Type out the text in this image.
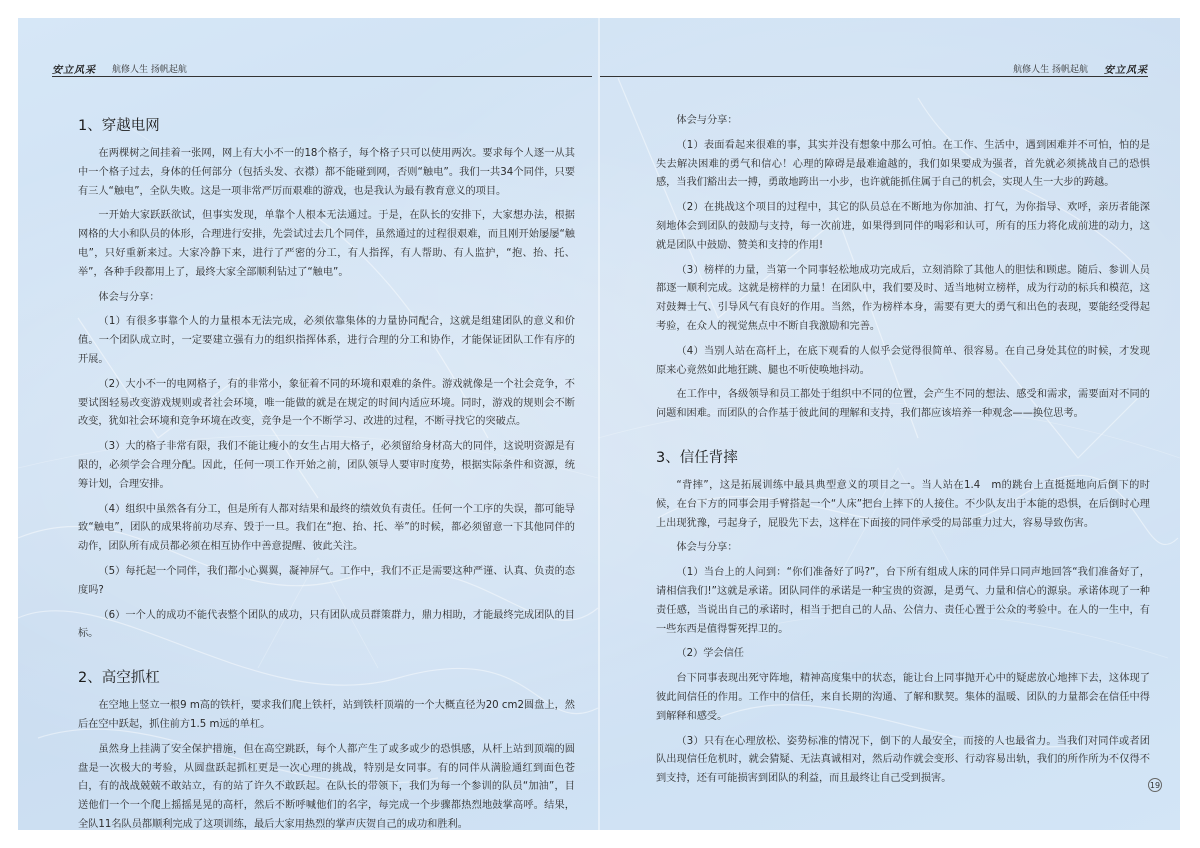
安立风采 航修人生 扬帆起航
1、穿越电网

在两棵树之间挂着一张网，网上有大小不一的18个格子，每个格子只可以使用两次。要求每个人逐一从其中一个格子过去，身体的任何部分（包括头发、衣襟）都不能碰到网，否则“触电”。我们一共34个同伴，只要有三人“触电”，全队失败。这是一项非常严厉而艰难的游戏，也是我认为最有教育意义的项目。

一开始大家跃跃欲试，但事实发现，单靠个人根本无法通过。于是，在队长的安排下，大家想办法，根据网格的大小和队员的体形，合理进行安排，先尝试过去几个同伴，虽然通过的过程很艰难，而且刚开始屡屡“触电”，只好重新来过。大家冷静下来，进行了严密的分工，有人指挥，有人帮助、有人监护，“抱、抬、托、举”，各种手段都用上了，最终大家全部顺利钻过了“触电”。

体会与分享：

（1）有很多事靠个人的力量根本无法完成，必须依靠集体的力量协同配合，这就是组建团队的意义和价值。一个团队成立时，一定要建立强有力的组织指挥体系，进行合理的分工和协作，才能保证团队工作有序的开展。

（2）大小不一的电网格子，有的非常小，象征着不同的环境和艰难的条件。游戏就像是一个社会竞争，不要试图轻易改变游戏规则或者社会环境，唯一能做的就是在规定的时间内适应环境。同时，游戏的规则会不断改变，犹如社会环境和竞争环境在改变，竞争是一个不断学习、改进的过程，不断寻找它的突破点。

（3）大的格子非常有限，我们不能让瘦小的女生占用大格子，必须留给身材高大的同伴，这说明资源是有限的，必须学会合理分配。因此，任何一项工作开始之前，团队领导人要审时度势，根据实际条件和资源，统筹计划，合理安排。

（4）组织中虽然各有分工，但是所有人都对结果和最终的绩效负有责任。任何一个工序的失误，都可能导致“触电”，团队的成果将前功尽弃、毁于一旦。我们在“抱、抬、托、举”的时候，都必须留意一下其他同伴的动作，团队所有成员都必须在相互协作中善意提醒、彼此关注。

（5）每托起一个同伴，我们都小心翼翼，凝神屏气。工作中，我们不正是需要这种严谨、认真、负责的态度吗?

（6）一个人的成功不能代表整个团队的成功，只有团队成员群策群力，鼎力相助，才能最终完成团队的目标。

2、高空抓杠

在空地上竖立一根9 m高的铁杆，要求我们爬上铁杆，站到铁杆顶端的一个大概直径为20 cm2圆盘上，然后在空中跃起，抓住前方1.5 m远的单杠。

虽然身上挂满了安全保护措施，但在高空跳跃，每个人都产生了或多或少的恐惧感，从杆上站到顶端的圆盘是一次极大的考验，从圆盘跃起抓杠更是一次心理的挑战，特别是女同事。有的同伴从满脸通红到面色苍白，有的战战兢兢不敢站立，有的站了许久不敢跃起。在队长的带领下，我们为每一个参训的队员“加油”，目送他们一个一个爬上摇摇晃晃的高杆，然后不断呼喊他们的名字，每完成一个步骤都热烈地鼓掌高呼。结果，全队11名队员都顺利完成了这项训练，最后大家用热烈的掌声庆贺自己的成功和胜利。

航修人生 扬帆起航 安立风采

体会与分享：

（1）表面看起来很难的事，其实并没有想象中那么可怕。在工作、生活中，遇到困难并不可怕，怕的是失去解决困难的勇气和信心！心理的障碍是最难逾越的，我们如果要成为强者，首先就必须挑战自己的恐惧感，当我们豁出去一搏，勇敢地跨出一小步，也许就能抓住属于自己的机会，实现人生一大步的跨越。

（2）在挑战这个项目的过程中，其它的队员总在不断地为你加油、打气，为你指导、欢呼，亲历者能深刻地体会到团队的鼓励与支持，每一次前进，如果得到同伴的喝彩和认可，所有的压力将化成前进的动力，这就是团队中鼓励、赞美和支持的作用!

（3）榜样的力量，当第一个同事轻松地成功完成后，立刻消除了其他人的胆怯和顾虑。随后、参训人员都逐一顺利完成。这就是榜样的力量！在团队中，我们要及时、适当地树立榜样，成为行动的标兵和模范，这对鼓舞士气、引导风气有良好的作用。当然，作为榜样本身，需要有更大的勇气和出色的表现，要能经受得起考验，在众人的视觉焦点中不断自我激励和完善。

（4）当别人站在高杆上，在底下观看的人似乎会觉得很简单、很容易。在自己身处其位的时候，才发现原来心竟然如此地狂跳、腿也不听使唤地抖动。

在工作中，各级领导和员工都处于组织中不同的位置，会产生不同的想法、感受和需求，需要面对不同的问题和困难。而团队的合作基于彼此间的理解和支持，我们都应该培养一种观念——换位思考。

3、信任背摔

“背摔”，这是拓展训练中最具典型意义的项目之一。当人站在1.4　m的跳台上直挺挺地向后倒下的时候，在台下方的同事会用手臂搭起一个“人床”把台上摔下的人接住。不少队友出于本能的恐惧，在后倒时心理上出现犹豫，弓起身子，屁股先下去，这样在下面接的同伴承受的局部重力过大，容易导致伤害。

体会与分享：

（1）当台上的人问到：“你们准备好了吗?”，台下所有组成人床的同伴异口同声地回答“我们准备好了，请相信我们!”这就是承诺。团队同伴的承诺是一种宝贵的资源，是勇气、力量和信心的源泉。承诺体现了一种责任感，当说出自己的承诺时，相当于把自己的人品、公信力、责任心置于公众的考验中。在人的一生中，有一些东西是值得誓死捍卫的。

（2）学会信任

台下同事表现出死守阵地，精神高度集中的状态，能让台上同事抛开心中的疑虑放心地摔下去，这体现了彼此间信任的作用。工作中的信任，来自长期的沟通、了解和默契。集体的温暖、团队的力量都会在信任中得到解释和感受。

（3）只有在心理放松、姿势标准的情况下，倒下的人最安全，而接的人也最省力。当我们对同伴或者团队出现信任危机时，就会猜疑、无法真诚相对，然后动作就会变形、行动容易出轨，我们的所作所为不仅得不到支持，还有可能损害到团队的利益，而且最终让自己受到损害。

19
